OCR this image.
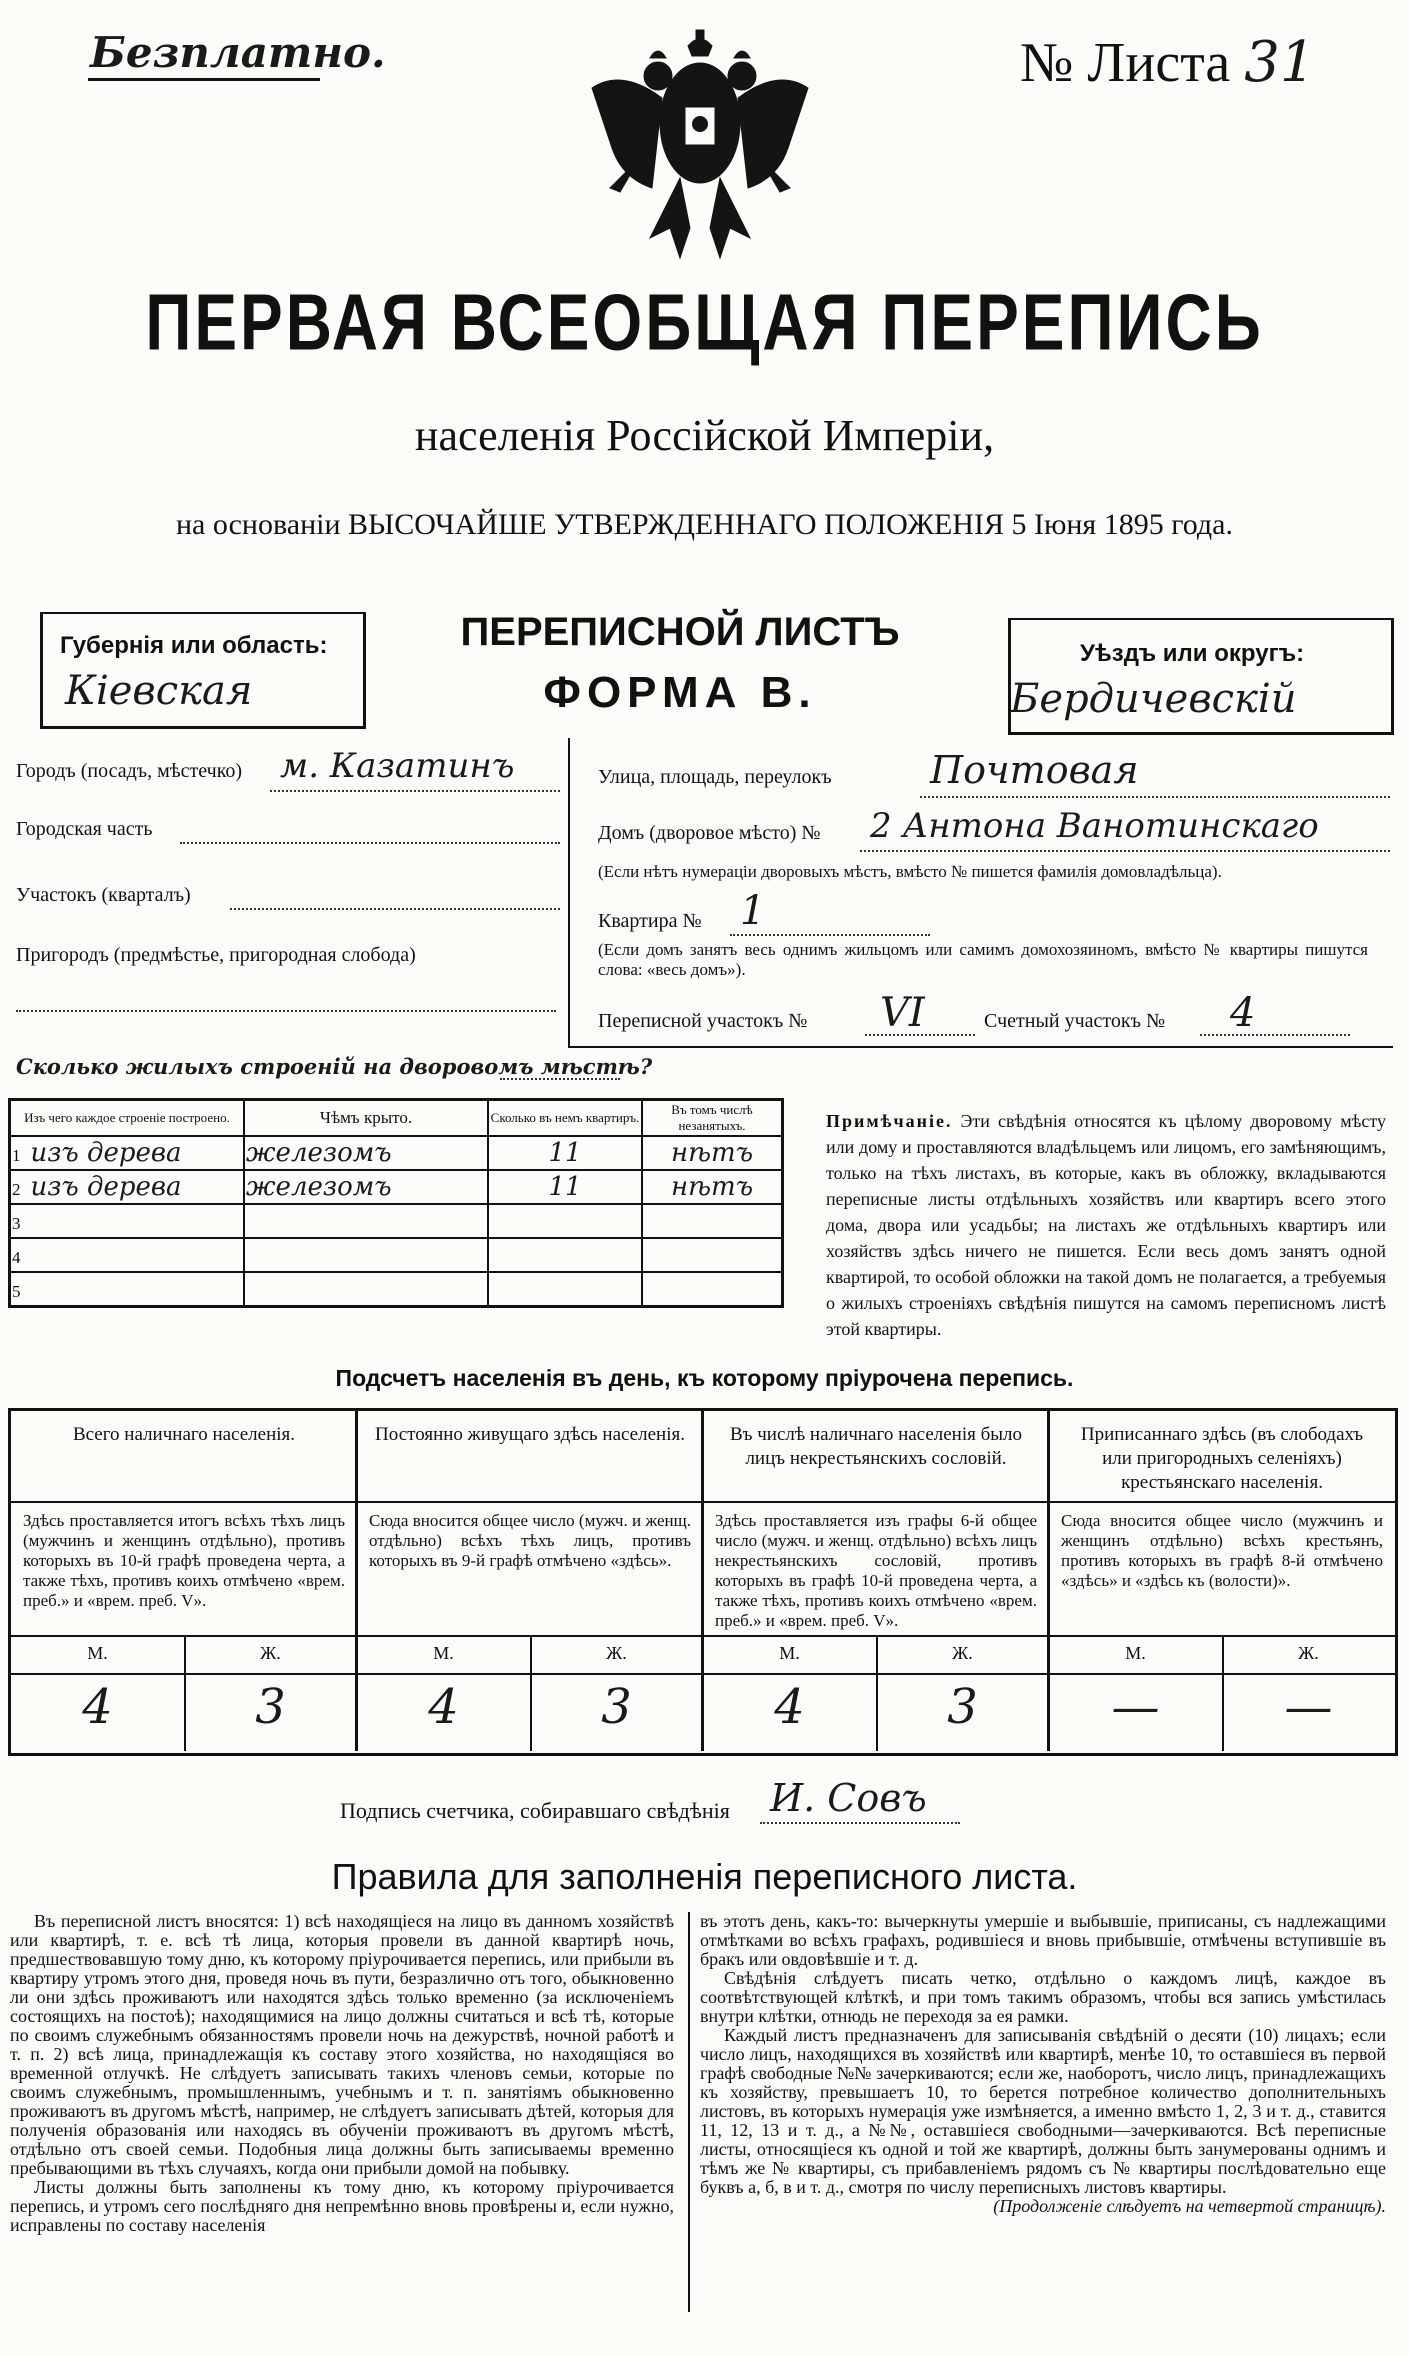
Безплатно.	№ Листа 31
ПЕРВАЯ ВСЕОБЩАЯ ПЕРЕПИСЬ
населенія Россійской Имперіи,
на основаніи ВЫСОЧАЙШЕ УТВЕРЖДЕННАГО ПОЛОЖЕНІЯ 5 Іюня 1895 года.
Губернія или область:
Кіевская
ПЕРЕПИСНОЙ ЛИСТЪ
ФОРМА В.
Уѣздъ или округъ:
Бердичевскій
Городъ (посадъ, мѣстечко) м. Казатинъ
Городская часть
Участокъ (кварталъ)
Пригородъ (предмѣстье, пригородная слобода)
Улица, площадь, переулокъ	Почтовая
Домъ (дворовое мѣсто) № 2 Антона Ванотинскаго
(Если нѣтъ нумераціи дворовыхъ мѣстъ, вмѣсто № пишется фамилія домовладѣльца).
Квартира № 1
(Если домъ занятъ весь однимъ жильцомъ или самимъ домохозяиномъ, вмѣсто № квартиры пишутся слова: «весь домъ»).
Переписной участокъ № VI	Счетный участокъ № 4
Сколько жилыхъ строеній на дворовомъ мѣстѣ?
Изъ чего каждое строеніе построено.	Чѣмъ крыто.	Сколько въ немъ квартиръ.	Въ томъ числѣ незанятыхъ.
1 изъ дерева	железомъ	11	нѣтъ
2 изъ дерева	железомъ	11	нѣтъ
3			
4			
5			
Примѣчаніе. Эти свѣдѣнія относятся къ цѣлому дворовому мѣсту или дому и проставляются владѣльцемъ или лицомъ, его замѣняющимъ, только на тѣхъ листахъ, въ которые, какъ въ обложку, вкладываются переписные листы отдѣльныхъ хозяйствъ или квартиръ всего этого дома, двора или усадьбы; на листахъ же отдѣльныхъ квартиръ или хозяйствъ здѣсь ничего не пишется. Если весь домъ занятъ одной квартирой, то особой обложки на такой домъ не полагается, а требуемыя о жилыхъ строеніяхъ свѣдѣнія пишутся на самомъ переписномъ листѣ этой квартиры.
Подсчетъ населенія въ день, къ которому пріурочена перепись.
Всего наличнаго населенія.
Здѣсь проставляется итогъ всѣхъ тѣхъ лицъ (мужчинъ и женщинъ отдѣльно), противъ которыхъ въ 10-й графѣ проведена черта, а также тѣхъ, противъ коихъ отмѣчено «врем. преб.» и «врем. преб. V».
М.	Ж.
4	3
Постоянно живущаго здѣсь населенія.
Сюда вносится общее число (мужч. и женщ. отдѣльно) всѣхъ тѣхъ лицъ, противъ которыхъ въ 9-й графѣ отмѣчено «здѣсь».
М.	Ж.
4	3
Въ числѣ наличнаго населенія было лицъ некрестьянскихъ сословій.
Здѣсь проставляется изъ графы 6-й общее число (мужч. и женщ. отдѣльно) всѣхъ лицъ некрестьянскихъ сословій, противъ которыхъ въ графѣ 10-й проведена черта, а также тѣхъ, противъ коихъ отмѣчено «врем. преб.» и «врем. преб. V».
М.	Ж.
4	3
Приписаннаго здѣсь (въ слободахъ или пригородныхъ селеніяхъ) крестьянскаго населенія.
Сюда вносится общее число (мужчинъ и женщинъ отдѣльно) всѣхъ крестьянъ, противъ которыхъ въ графѣ 8-й отмѣчено «здѣсь» и «здѣсь къ (волости)».
М.	Ж.
—	—
Подпись счетчика, собиравшаго свѣдѣнія И. Совъ
Правила для заполненія переписного листа.

Въ переписной листъ вносятся: 1) всѣ находящіеся на лицо въ данномъ хозяйствѣ или квартирѣ, т. е. всѣ тѣ лица, которыя провели въ данной квартирѣ ночь, предшествовавшую тому дню, къ которому пріурочивается перепись, или прибыли въ квартиру утромъ этого дня, проведя ночь въ пути, безразлично отъ того, обыкновенно ли они здѣсь проживаютъ или находятся здѣсь только временно (за исключеніемъ состоящихъ на постоѣ); находящимися на лицо должны считаться и всѣ тѣ, которые по своимъ служебнымъ обязанностямъ провели ночь на дежурствѣ, ночной работѣ и т. п. 2) всѣ лица, принадлежащія къ составу этого хозяйства, но находящіяся во временной отлучкѣ. Не слѣдуетъ записывать такихъ членовъ семьи, которые по своимъ служебнымъ, промышленнымъ, учебнымъ и т. п. занятіямъ обыкновенно проживаютъ въ другомъ мѣстѣ, например, не слѣдуетъ записывать дѣтей, которыя для полученія образованія или находясь въ обученіи проживаютъ въ другомъ мѣстѣ, отдѣльно отъ своей семьи. Подобныя лица должны быть записываемы временно пребывающими въ тѣхъ случаяхъ, когда они прибыли домой на побывку.

Листы должны быть заполнены къ тому дню, къ которому пріурочивается перепись, и утромъ сего послѣдняго дня непремѣнно вновь провѣрены и, если нужно, исправлены по составу населенія

въ этотъ день, какъ-то: вычеркнуты умершіе и выбывшіе, приписаны, съ надлежащими отмѣтками во всѣхъ графахъ, родившіеся и вновь прибывшіе, отмѣчены вступившіе въ бракъ или овдовѣвшіе и т. д.

Свѣдѣнія слѣдуетъ писать четко, отдѣльно о каждомъ лицѣ, каждое въ соотвѣтствующей клѣткѣ, и при томъ такимъ образомъ, чтобы вся запись умѣстилась внутри клѣтки, отнюдь не переходя за ея рамки.

Каждый листъ предназначенъ для записыванія свѣдѣній о десяти (10) лицахъ; если число лицъ, находящихся въ хозяйствѣ или квартирѣ, менѣе 10, то оставшіеся въ первой графѣ свободные №№ зачеркиваются; если же, наоборотъ, число лицъ, принадлежащихъ къ хозяйству, превышаетъ 10, то берется потребное количество дополнительныхъ листовъ, въ которыхъ нумерація уже измѣняется, а именно вмѣсто 1, 2, 3 и т. д., ставится 11, 12, 13 и т. д., а №№, оставшіеся свободными—зачеркиваются. Всѣ переписные листы, относящіеся къ одной и той же квартирѣ, должны быть занумерованы однимъ и тѣмъ же № квартиры, съ прибавленіемъ рядомъ съ № квартиры послѣдовательно еще буквъ а, б, в и т. д., смотря по числу переписныхъ листовъ квартиры.

(Продолженіе слѣдуетъ на четвертой страницѣ).
